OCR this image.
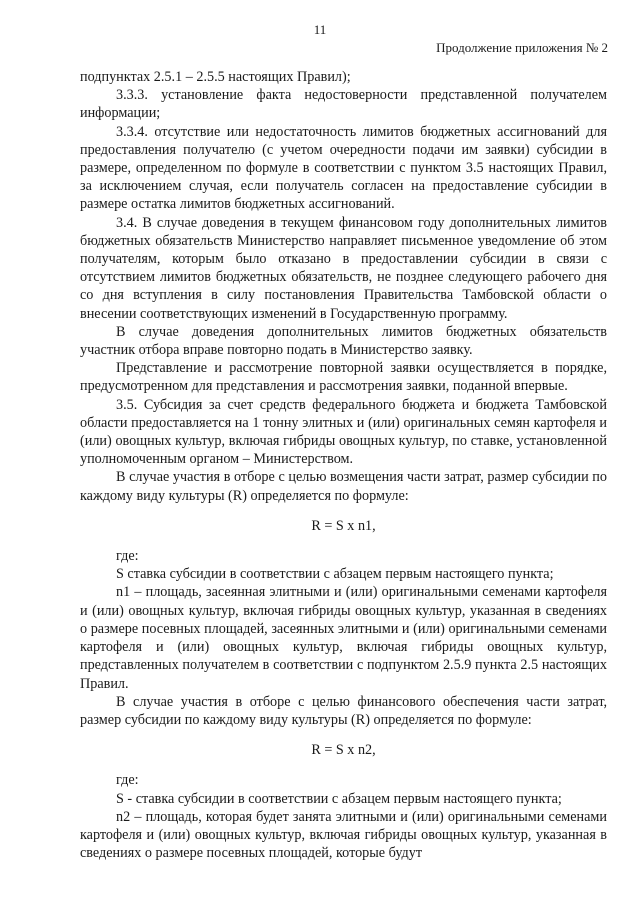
11
Продолжение приложения № 2

подпунктах 2.5.1 – 2.5.5 настоящих Правил);

3.3.3. установление факта недостоверности представленной получателем информации;

3.3.4. отсутствие или недостаточность лимитов бюджетных ассигнований для предоставления получателю (с учетом очередности подачи им заявки) субсидии в размере, определенном по формуле в соответствии с пунктом 3.5 настоящих Правил, за исключением случая, если получатель согласен на предоставление субсидии в размере остатка лимитов бюджетных ассигнований.

3.4. В случае доведения в текущем финансовом году дополнительных лимитов бюджетных обязательств Министерство направляет письменное уведомление об этом получателям, которым было отказано в предоставлении субсидии в связи с отсутствием лимитов бюджетных обязательств, не позднее следующего рабочего дня со дня вступления в силу постановления Правительства Тамбовской области о внесении соответствующих изменений в Государственную программу.

В случае доведения дополнительных лимитов бюджетных обязательств участник отбора вправе повторно подать в Министерство заявку.

Представление и рассмотрение повторной заявки осуществляется в порядке, предусмотренном для представления и рассмотрения заявки, поданной впервые.

3.5. Субсидия за счет средств федерального бюджета и бюджета Тамбовской области предоставляется на 1 тонну элитных и (или) оригинальных семян картофеля и (или) овощных культур, включая гибриды овощных культур, по ставке, установленной уполномоченным органом – Министерством.

В случае участия в отборе с целью возмещения части затрат, размер субсидии по каждому виду культуры (R) определяется по формуле:

R = S x n1,

где:

S ставка субсидии в соответствии с абзацем первым настоящего пункта;

n1 – площадь, засеянная элитными и (или) оригинальными семенами картофеля и (или) овощных культур, включая гибриды овощных культур, указанная в сведениях о размере посевных площадей, засеянных элитными и (или) оригинальными семенами картофеля и (или) овощных культур, включая гибриды овощных культур, представленных получателем в соответствии с подпунктом 2.5.9 пункта 2.5 настоящих Правил.

В случае участия в отборе с целью финансового обеспечения части затрат, размер субсидии по каждому виду культуры (R) определяется по формуле:

R = S x n2,

где:

S - ставка субсидии в соответствии с абзацем первым настоящего пункта;

n2 – площадь, которая будет занята элитными и (или) оригинальными семенами картофеля и (или) овощных культур, включая гибриды овощных культур, указанная в сведениях о размере посевных площадей, которые будут
